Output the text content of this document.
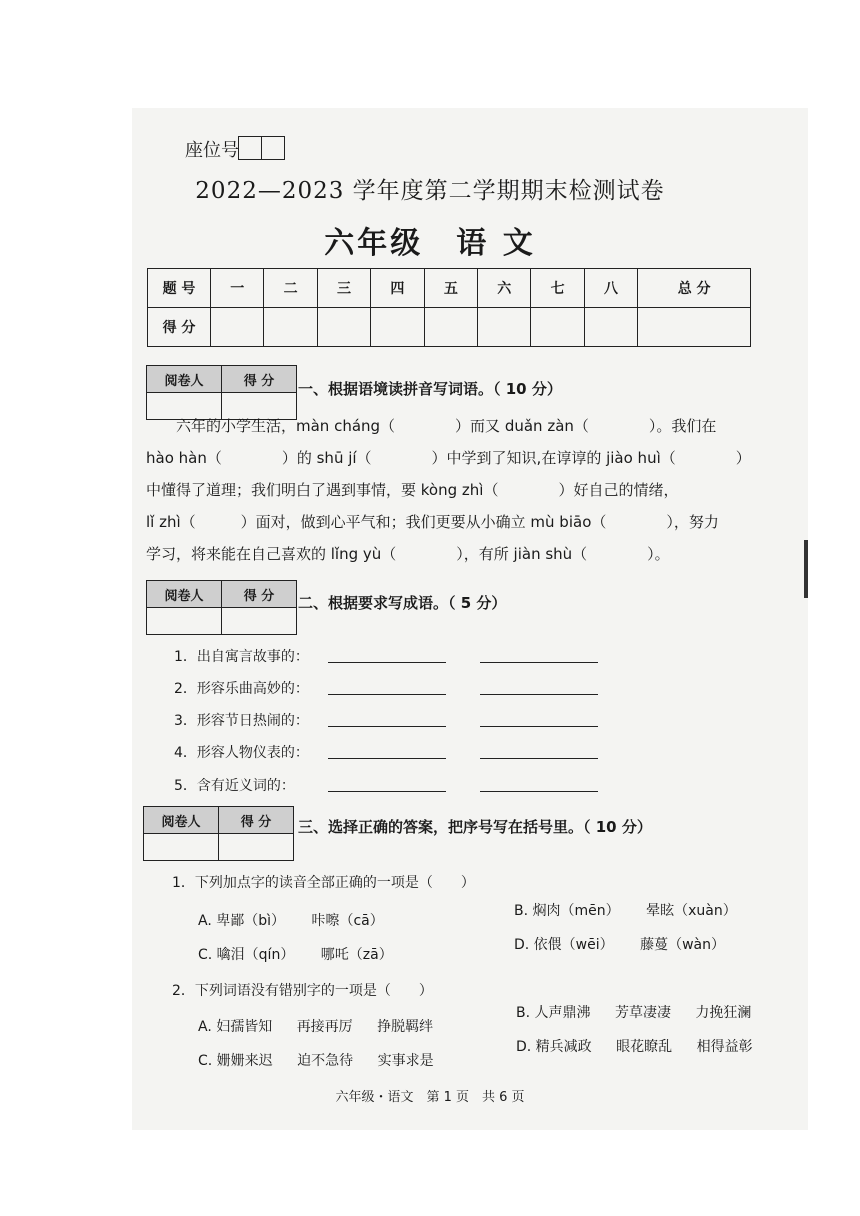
座位号
2022—2023 学年度第二学期期末检测试卷
六年级　语 文
题 号	一	二	三	四	五	六	七	八	总 分
得 分									
阅卷人	得 分
	一、根据语境读拼音写词语。（ 10 分）
六年的小学生活，màn cháng（　　　　）而又 duǎn zàn（　　　　）。我们在
hào hàn（　　　　）的 shū jí（　　　　）中学到了知识,在谆谆的 jiào huì（　　　　）
中懂得了道理；我们明白了遇到事情，要 kòng zhì（　　　　）好自己的情绪，
lǐ zhì（　　　）面对，做到心平气和；我们更要从小确立 mù biāo（　　　　），努力
学习，将来能在自己喜欢的 lǐng yù（　　　　），有所 jiàn shù（　　　　）。
阅卷人	得 分
	二、根据要求写成语。（ 5 分）
1．出自寓言故事的：
2．形容乐曲高妙的：
3．形容节日热闹的：
4．形容人物仪表的：
5．含有近义词的：
阅卷人	得 分
	三、选择正确的答案，把序号写在括号里。（ 10 分）
1．下列加点字的读音全部正确的一项是（　　）
A. 卑鄙（bì） 咔嚓（cā）
B. 焖肉（mēn） 晕眩（xuàn）
C. 噙泪（qín） 哪吒（zā）
D. 依偎（wēi） 藤蔓（wàn）
2．下列词语没有错别字的一项是（　　）
A. 妇孺皆知 再接再厉 挣脱羁绊
B. 人声鼎沸 芳草凄凄 力挽狂澜
C. 姗姗来迟 迫不急待 实事求是
D. 精兵减政 眼花瞭乱 相得益彰
六年级・语文　第 1 页　共 6 页
